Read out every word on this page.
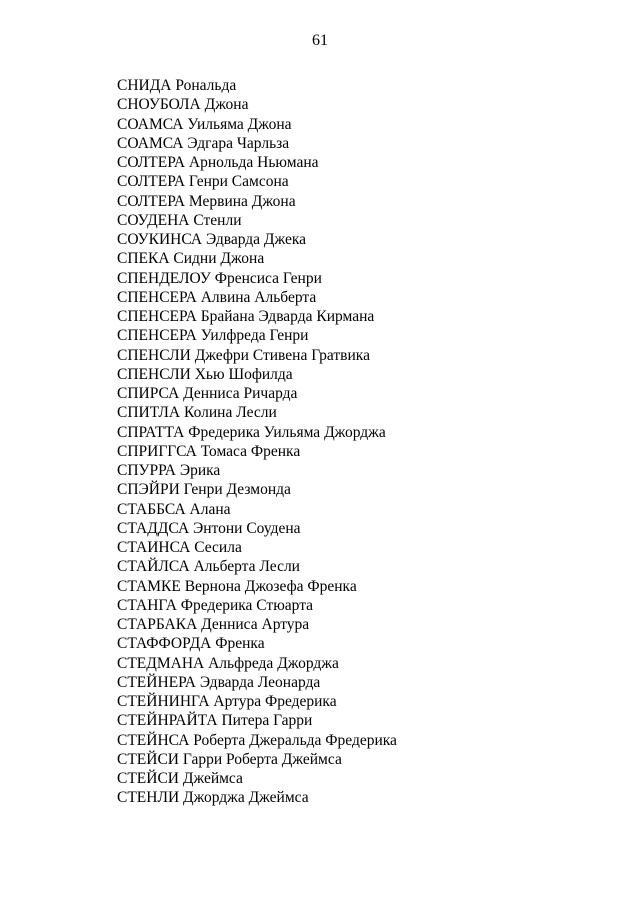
61
СНИДА Рональда
СНОУБОЛА Джона
СОАМСА Уильяма Джона
СОАМСА Эдгара Чарльза
СОЛТЕРА Арнольда Ньюмана
СОЛТЕРА Генри Самсона
СОЛТЕРА Мервина Джона
СОУДЕНА Стенли
СОУКИНСА Эдварда Джека
СПЕКА Сидни Джона
СПЕНДЕЛОУ Френсиса Генри
СПЕНСЕРА Алвина Альберта
СПЕНСЕРА Брайана Эдварда Кирмана
СПЕНСЕРА Уилфреда Генри
СПЕНСЛИ Джефри Стивена Гратвика
СПЕНСЛИ Хью Шофилда
СПИРСА Денниса Ричарда
СПИТЛА Колина Лесли
СПРАТТА Фредерика Уильяма Джорджа
СПРИГГСА Томаса Френка
СПУРРА Эрика
СПЭЙРИ Генри Дезмонда
СТАББСА Алана
СТАДДСА Энтони Соудена
СТАИНСА Сесила
СТАЙЛСА Альберта Лесли
СТАМКЕ Вернона Джозефа Френка
СТАНГА Фредерика Стюарта
СТАРБАКА Денниса Артура
СТАФФОРДА Френка
СТЕДМАНА Альфреда Джорджа
СТЕЙНЕРА Эдварда Леонарда
СТЕЙНИНГА Артура Фредерика
СТЕЙНРАЙТА Питера Гарри
СТЕЙНСА Роберта Джеральда Фредерика
СТЕЙСИ Гарри Роберта Джеймса
СТЕЙСИ Джеймса
СТЕНЛИ Джорджа Джеймса
